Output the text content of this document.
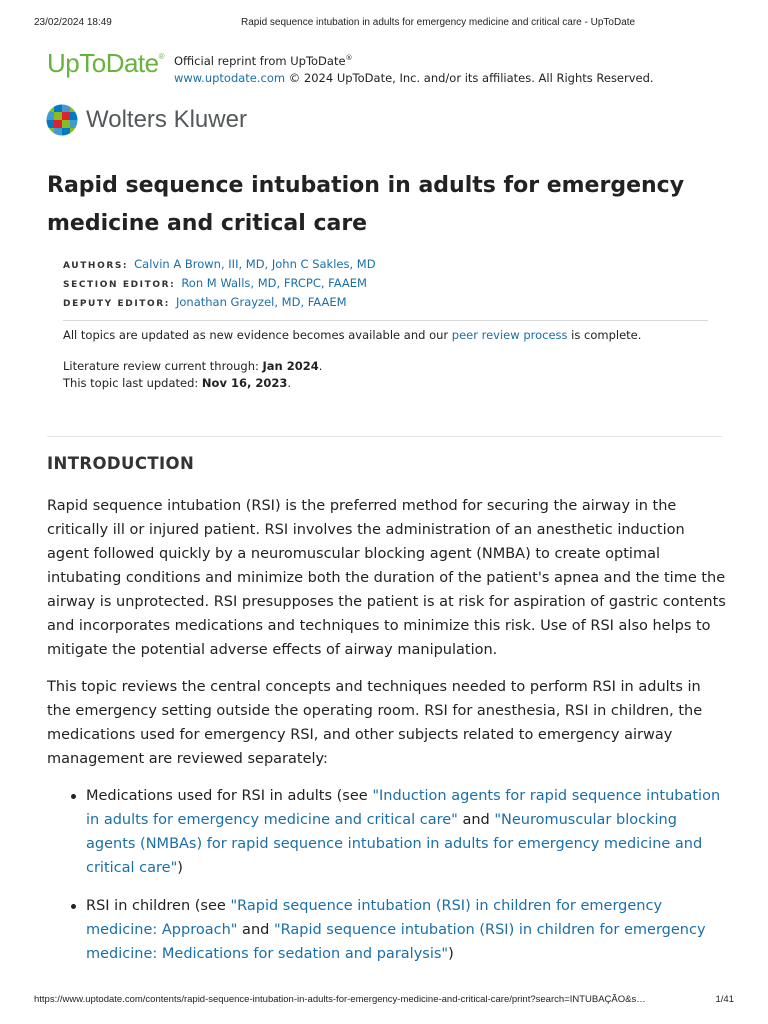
23/02/2024 18:49	Rapid sequence intubation in adults for emergency medicine and critical care - UpToDate
UpToDate® Official reprint from UpToDate®
www.uptodate.com © 2024 UpToDate, Inc. and/or its affiliates. All Rights Reserved.
Wolters Kluwer
Rapid sequence intubation in adults for emergency medicine and critical care
AUTHORS: Calvin A Brown, III, MD, John C Sakles, MD
SECTION EDITOR: Ron M Walls, MD, FRCPC, FAAEM
DEPUTY EDITOR: Jonathan Grayzel, MD, FAAEM
All topics are updated as new evidence becomes available and our peer review process is complete.
Literature review current through: Jan 2024.
This topic last updated: Nov 16, 2023.
INTRODUCTION

Rapid sequence intubation (RSI) is the preferred method for securing the airway in the critically ill or injured patient. RSI involves the administration of an anesthetic induction agent followed quickly by a neuromuscular blocking agent (NMBA) to create optimal intubating conditions and minimize both the duration of the patient's apnea and the time the airway is unprotected. RSI presupposes the patient is at risk for aspiration of gastric contents and incorporates medications and techniques to minimize this risk. Use of RSI also helps to mitigate the potential adverse effects of airway manipulation.

This topic reviews the central concepts and techniques needed to perform RSI in adults in the emergency setting outside the operating room. RSI for anesthesia, RSI in children, the medications used for emergency RSI, and other subjects related to emergency airway management are reviewed separately:

Medications used for RSI in adults (see "Induction agents for rapid sequence intubation in adults for emergency medicine and critical care" and "Neuromuscular blocking agents (NMBAs) for rapid sequence intubation in adults for emergency medicine and critical care")
RSI in children (see "Rapid sequence intubation (RSI) in children for emergency medicine: Approach" and "Rapid sequence intubation (RSI) in children for emergency medicine: Medications for sedation and paralysis")
https://www.uptodate.com/contents/rapid-sequence-intubation-in-adults-for-emergency-medicine-and-critical-care/print?search=INTUBAÇÃO&s…	1/41
